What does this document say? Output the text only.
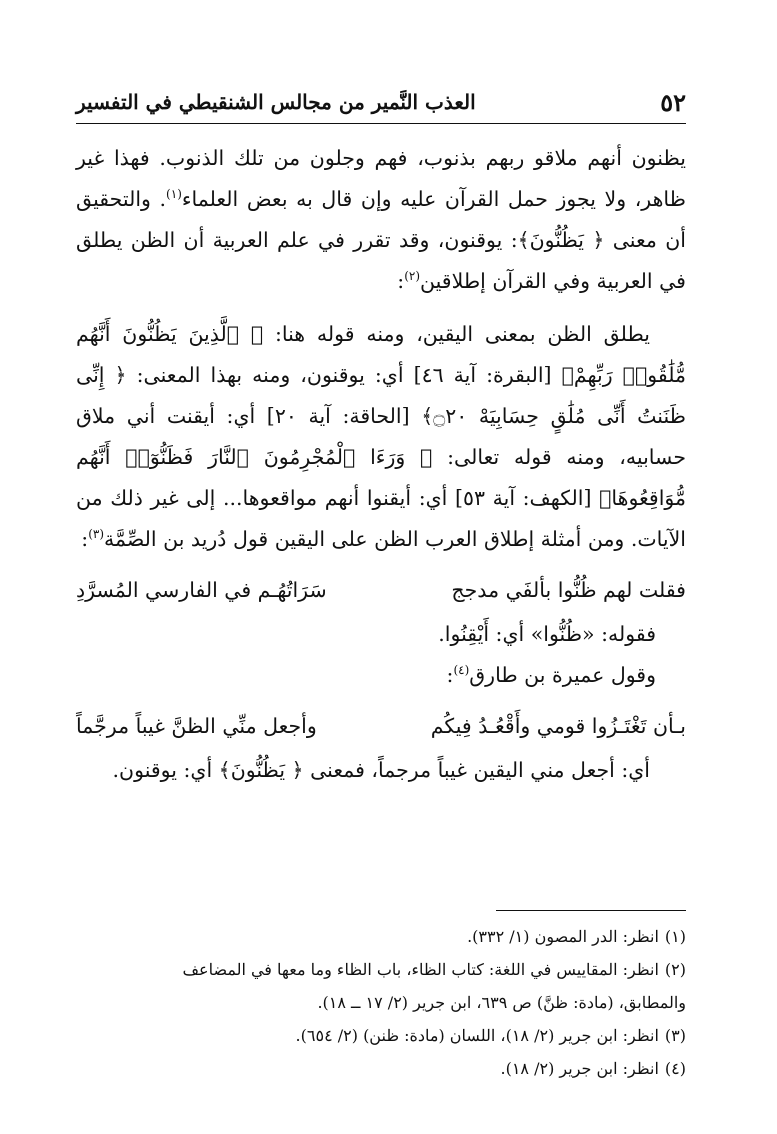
٥٢
العذب النَّمير من مجالس الشنقيطي في التفسير

يظنون أنهم ملاقو ربهم بذنوب، فهم وجلون من تلك الذنوب. فهذا غير ظاهر، ولا يجوز حمل القرآن عليه وإن قال به بعض العلماء$^{(١)}$. والتحقيق أن معنى ﴿ يَظُنُّونَ﴾: يوقنون، وقد تقرر في علم العربية أن الظن يطلق في العربية وفي القرآن إطلاقين$^{(٢)}$:

يطلق الظن بمعنى اليقين، ومنه قوله هنا: ﴿ ٱلَّذِينَ يَظُنُّونَ أَنَّهُم مُّلَٰقُوا۟ رَبِّهِمْ﴾ [البقرة: آية ٤٦] أي: يوقنون، ومنه بهذا المعنى: ﴿ إِنِّى ظَنَنتُ أَنِّى مُلَٰقٍ حِسَابِيَهْ ۝٢٠﴾ [الحاقة: آية ٢٠] أي: أيقنت أني ملاق حسابيه، ومنه قوله تعالى: ﴿ وَرَءَا ٱلْمُجْرِمُونَ ٱلنَّارَ فَظَنُّوٓا۟ أَنَّهُم مُّوَاقِعُوهَا﴾ [الكهف: آية ٥٣] أي: أيقنوا أنهم مواقعوها... إلى غير ذلك من الآيات. ومن أمثلة إطلاق العرب الظن على اليقين قول دُريد بن الصِّمَّة$^{(٣)}$:

فقلت لهم ظُنُّوا بألفَي مدجج
سَرَاتُهُـم في الفارسي المُسرَّدِ

فقوله: «ظُنُّوا» أي: أَيْقِنُوا.

وقول عميرة بن طارق$^{(٤)}$:

بـأن تَغْتَـزُوا قومي وأَقْعُـدُ فِيكُم
وأجعل منِّي الظنَّ غيباً مرجَّماً

أي: أجعل مني اليقين غيباً مرجماً، فمعنى ﴿ يَظُنُّونَ﴾ أي: يوقنون.

(١)انظر: الدر المصون (١/ ٣٣٢).
(٢)انظر: المقاييس في اللغة: كتاب الظاء، باب الظاء وما معها في المضاعف
والمطابق، (مادة: ظنَّ) ص ٦٣٩، ابن جرير (٢/ ١٧ ــ ١٨).
(٣)انظر: ابن جرير (٢/ ١٨)، اللسان (مادة: ظنن) (٢/ ٦٥٤).
(٤)انظر: ابن جرير (٢/ ١٨).
